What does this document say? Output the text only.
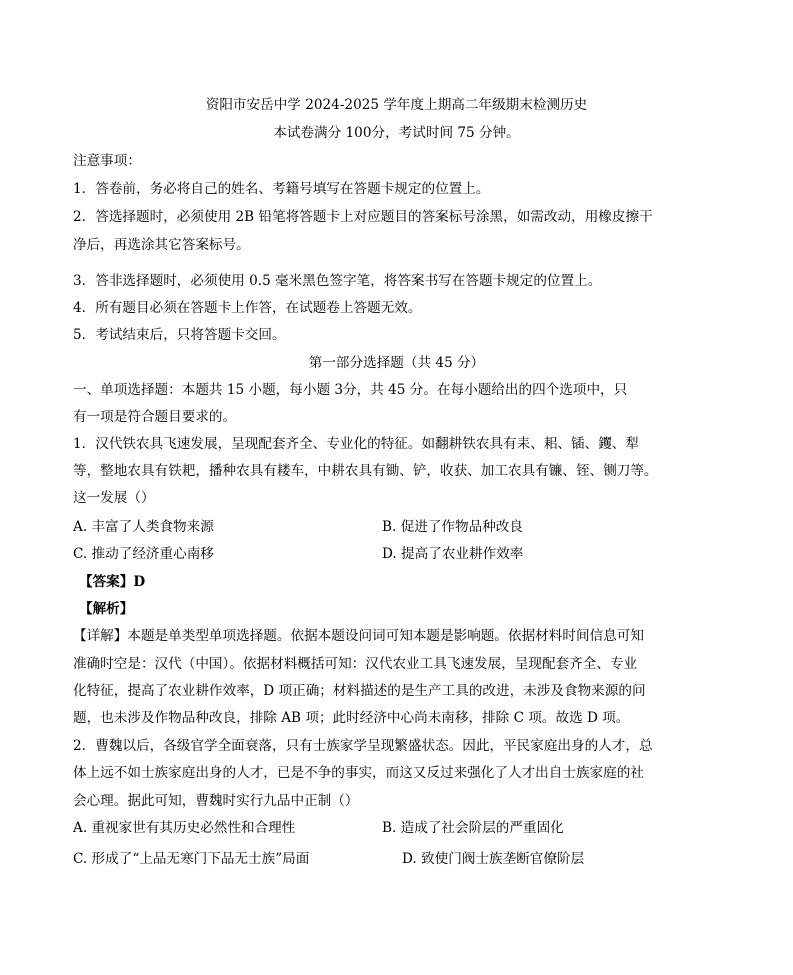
资阳市安岳中学 2024-2025 学年度上期高二年级期末检测历史
本试卷满分 100分，考试时间 75 分钟。
注意事项：
1．答卷前，务必将自己的姓名、考籍号填写在答题卡规定的位置上。
2．答选择题时，必须使用 2B 铅笔将答题卡上对应题目的答案标号涂黑，如需改动，用橡皮擦干
净后，再选涂其它答案标号。
3．答非选择题时，必须使用 0.5 毫米黑色签字笔，将答案书写在答题卡规定的位置上。
4．所有题目必须在答题卡上作答，在试题卷上答题无效。
5．考试结束后，只将答题卡交回。
第一部分选择题（共 45 分）
一、单项选择题：本题共 15 小题，每小题 3分，共 45 分。在每小题给出的四个选项中，只
有一项是符合题目要求的。
1．汉代铁农具飞速发展，呈现配套齐全、专业化的特征。如翻耕铁农具有耒、耜、锸、钁、犁
等，整地农具有铁耙，播种农具有耧车，中耕农具有锄、铲，收获、加工农具有镰、铚、铡刀等。
这一发展（）
A. 丰富了人类食物来源	B. 促进了作物品种改良
C. 推动了经济重心南移	D. 提高了农业耕作效率
【答案】D
【解析】
【详解】本题是单类型单项选择题。依据本题设问词可知本题是影响题。依据材料时间信息可知
准确时空是：汉代（中国）。依据材料概括可知：汉代农业工具飞速发展，呈现配套齐全、专业
化特征，提高了农业耕作效率，D 项正确；材料描述的是生产工具的改进，未涉及食物来源的问
题，也未涉及作物品种改良，排除 AB 项；此时经济中心尚未南移，排除 C 项。故选 D 项。
2．曹魏以后，各级官学全面衰落，只有士族家学呈现繁盛状态。因此，平民家庭出身的人才，总
体上远不如士族家庭出身的人才，已是不争的事实，而这又反过来强化了人才出自士族家庭的社
会心理。据此可知，曹魏时实行九品中正制（）
A. 重视家世有其历史必然性和合理性	B. 造成了社会阶层的严重固化
C. 形成了“上品无寒门下品无士族”局面	D. 致使门阀士族垄断官僚阶层
